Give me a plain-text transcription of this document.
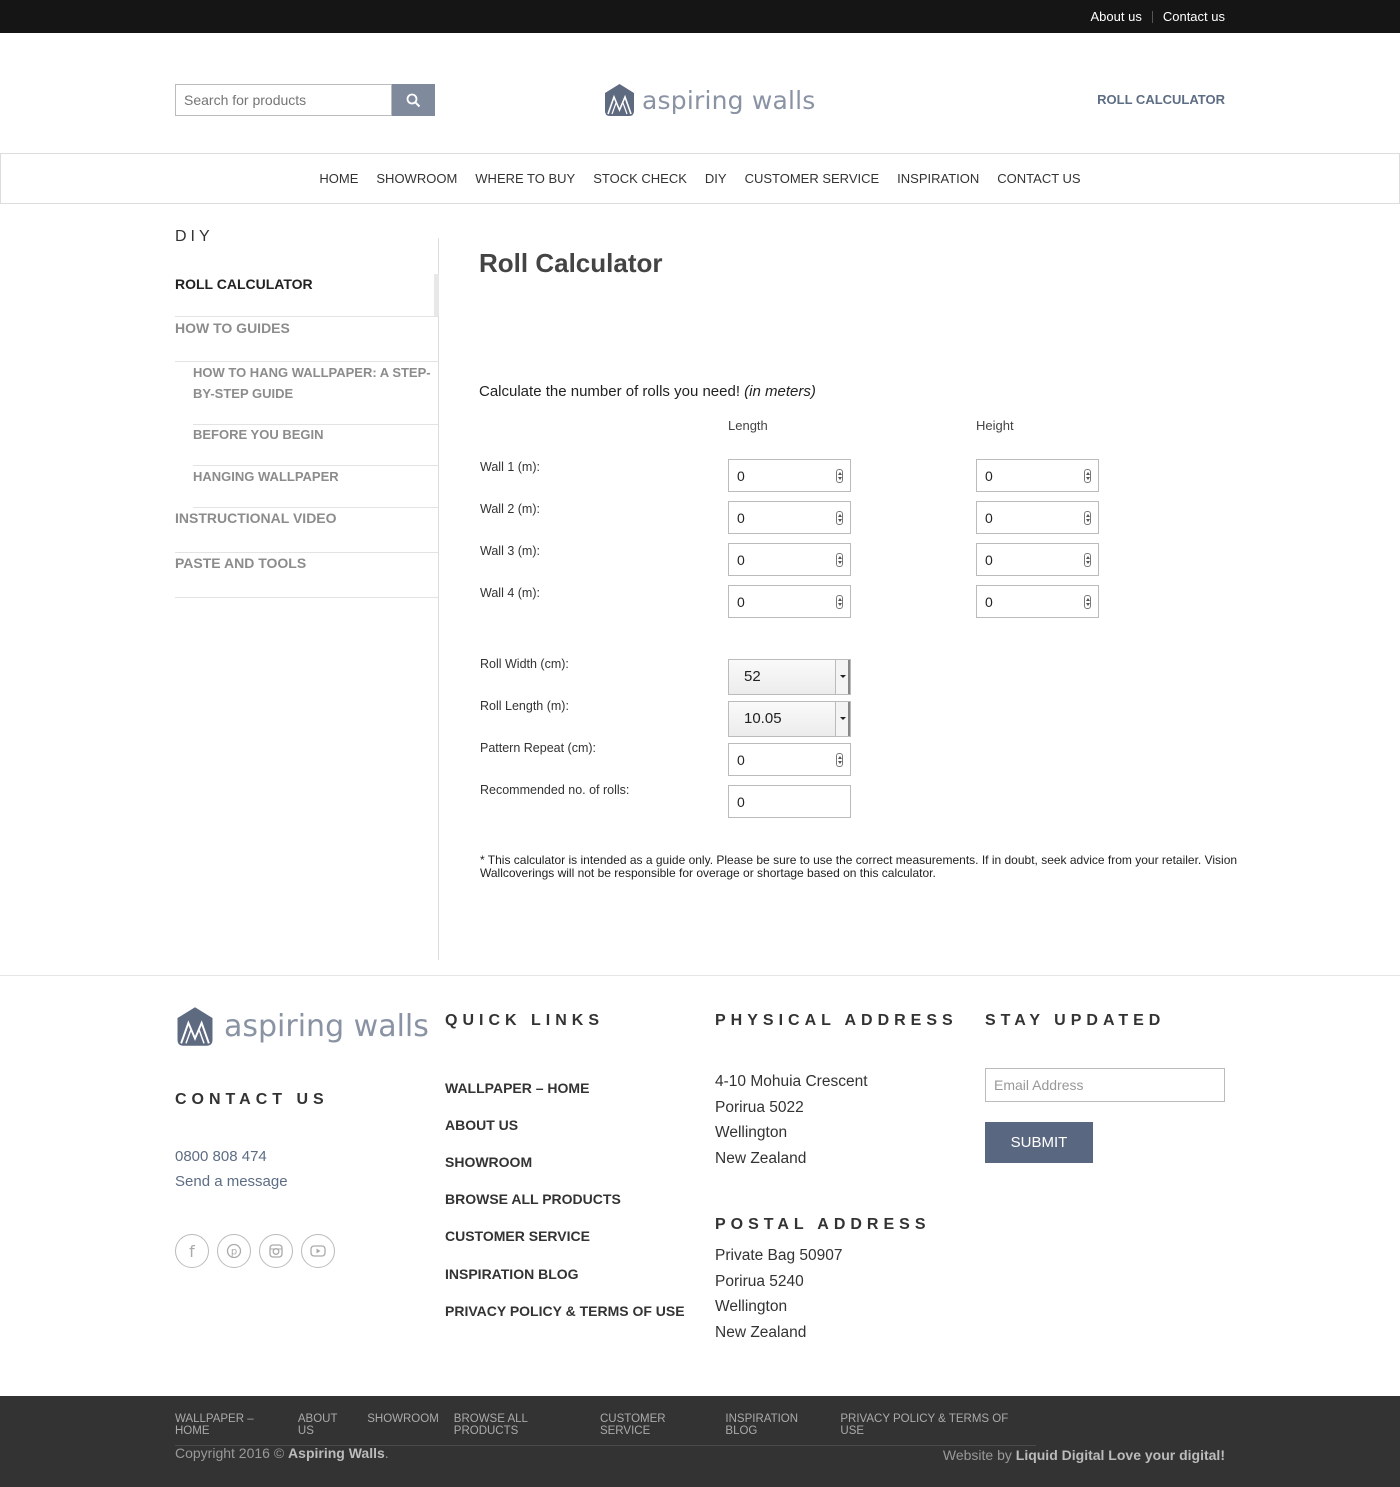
About us Contact us
Search for products
aspiring walls	ROLL CALCULATOR
HOME SHOWROOM WHERE TO BUY STOCK CHECK DIY CUSTOMER SERVICE INSPIRATION CONTACT US
DIY
ROLL CALCULATOR
HOW TO GUIDES
HOW TO HANG WALLPAPER: A STEP-BY-STEP GUIDE
BEFORE YOU BEGIN
HANGING WALLPAPER
INSTRUCTIONAL VIDEO
PASTE AND TOOLS
Roll Calculator
Calculate the number of rolls you need! (in meters)
Length	Height
Wall 1 (m):
0	0
Wall 2 (m):
0	0
Wall 3 (m):
0	0
Wall 4 (m):
0	0
Roll Width (cm):
52
Roll Length (m):
10.05
Pattern Repeat (cm):
0
Recommended no. of rolls:
0
* This calculator is intended as a guide only. Please be sure to use the correct measurements. If in doubt, seek advice from your retailer. Vision Wallcoverings will not be responsible for overage or shortage based on this calculator.
aspiring walls
CONTACT US
0800 808 474
Send a message
f	p
QUICK LINKS
WALLPAPER – HOME
ABOUT US
SHOWROOM
BROWSE ALL PRODUCTS
CUSTOMER SERVICE
INSPIRATION BLOG
PRIVACY POLICY & TERMS OF USE
PHYSICAL ADDRESS
4-10 Mohuia Crescent
Porirua 5022
Wellington
New Zealand
POSTAL ADDRESS
Private Bag 50907
Porirua 5240
Wellington
New Zealand
STAY UPDATED
Email Address
SUBMIT
WALLPAPER – HOME
ABOUT US
SHOWROOM BROWSE ALL PRODUCTS
CUSTOMER SERVICE
INSPIRATION BLOG
PRIVACY POLICY & TERMS OF USE
Copyright 2016 © Aspiring Walls.	Website by Liquid Digital Love your digital!
